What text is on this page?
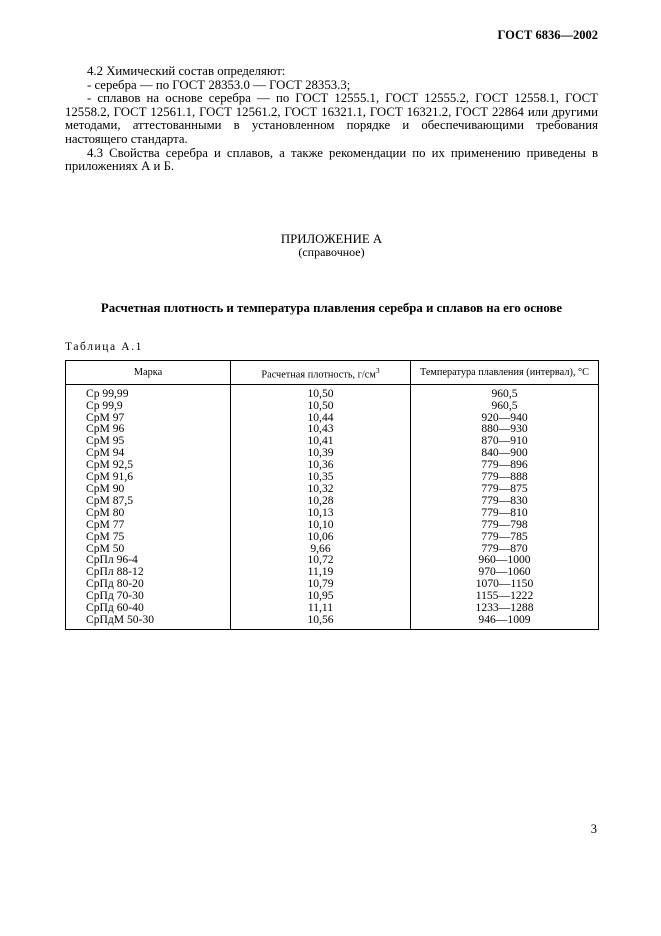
ГОСТ 6836—2002

4.2 Химический состав определяют:

- серебра — по ГОСТ 28353.0 — ГОСТ 28353.3;

- сплавов на основе серебра — по ГОСТ 12555.1, ГОСТ 12555.2, ГОСТ 12558.1, ГОСТ 12558.2, ГОСТ 12561.1, ГОСТ 12561.2, ГОСТ 16321.1, ГОСТ 16321.2, ГОСТ 22864 или другими методами, аттестованными в установленном порядке и обеспечивающими требования настоящего стандарта.

4.3 Свойства серебра и сплавов, а также рекомендации по их применению приведены в приложениях А и Б.

ПРИЛОЖЕНИЕ А

(справочное)

Расчетная плотность и температура плавления серебра и сплавов на его основе

Таблица А.1

Марка	Расчетная плотность, $г/см^3$	Температура плавления (интервал), °С
Ср 99,99	10,50	960,5
Ср 99,9	10,50	960,5
СрМ 97	10,44	920—940
СрМ 96	10,43	880—930
СрМ 95	10,41	870—910
СрМ 94	10,39	840—900
СрМ 92,5	10,36	779—896
СрМ 91,6	10,35	779—888
СрМ 90	10,32	779—875
СрМ 87,5	10,28	779—830
СрМ 80	10,13	779—810
СрМ 77	10,10	779—798
СрМ 75	10,06	779—785
СрМ 50	9,66	779—870
СрПл 96-4	10,72	960—1000
СрПл 88-12	11,19	970—1060
СрПд 80-20	10,79	1070—1150
СрПд 70-30	10,95	1155—1222
СрПд 60-40	11,11	1233—1288
СрПдМ 50-30	10,56	946—1009
3
